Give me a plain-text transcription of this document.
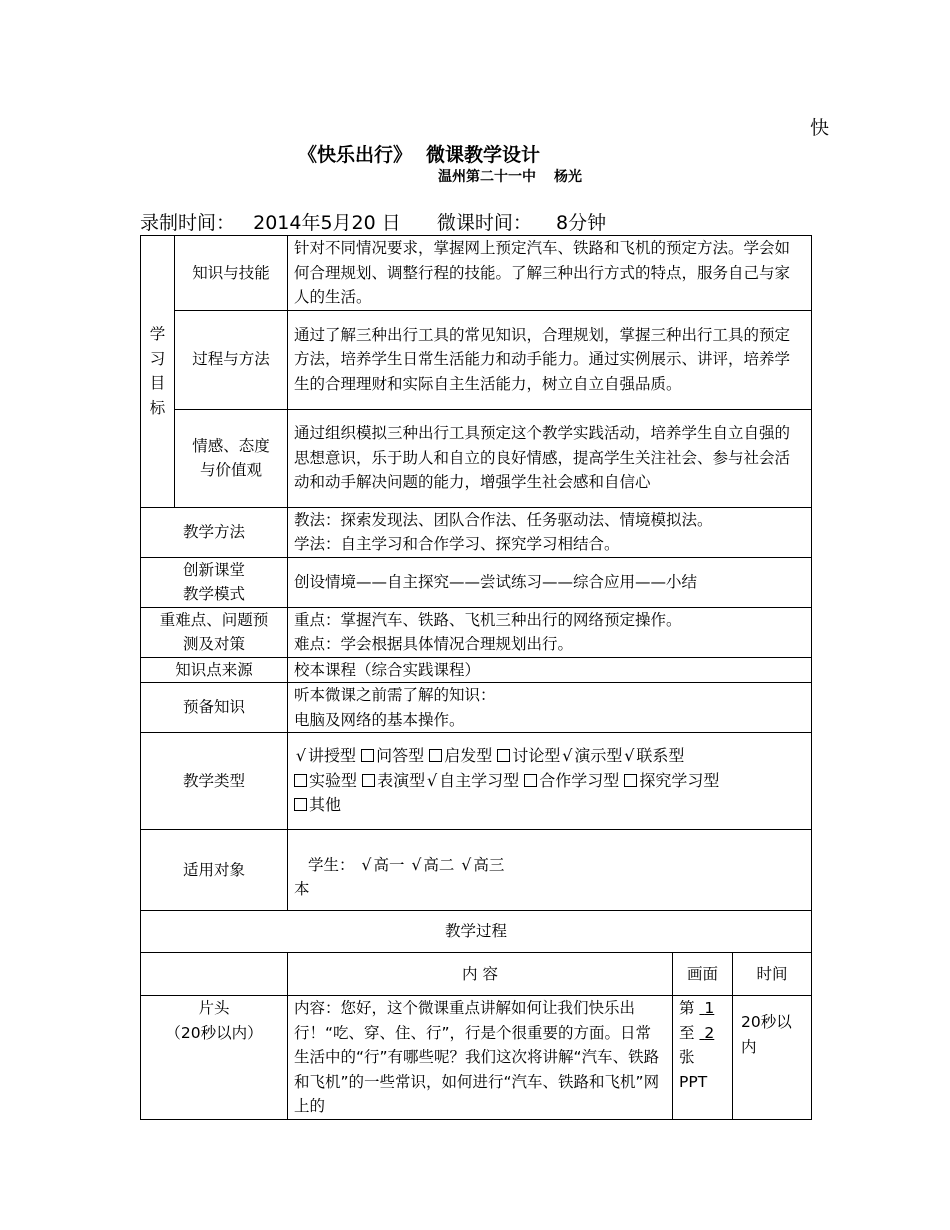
快
《快乐出行》 微课教学设计
温州第二十一中 杨光
录制时间： 2014年5月20 日 微课时间： 8分钟
学
习
目
标	知识与技能	针对不同情况要求，掌握网上预定汽车、铁路和飞机的预定方法。学会如何合理规划、调整行程的技能。了解三种出行方式的特点，服务自己与家人的生活。		
	过程与方法	通过了解三种出行工具的常见知识，合理规划，掌握三种出行工具的预定方法，培养学生日常生活能力和动手能力。通过实例展示、讲评，培养学生的合理理财和实际自主生活能力，树立自立自强品质。		
	情感、态度
与价值观	通过组织模拟三种出行工具预定这个教学实践活动，培养学生自立自强的思想意识，乐于助人和自立的良好情感，提高学生关注社会、参与社会活动和动手解决问题的能力，增强学生社会感和自信心		
教学方法		教法：探索发现法、团队合作法、任务驱动法、情境模拟法。
学法：自主学习和合作学习、探究学习相结合。		
创新课堂
教学模式		创设情境——自主探究——尝试练习——综合应用——小结		
重难点、问题预
测及对策		重点：掌握汽车、铁路、飞机三种出行的网络预定操作。
难点：学会根据具体情况合理规划出行。		
知识点来源		校本课程（综合实践课程）		
预备知识		听本微课之前需了解的知识：
电脑及网络的基本操作。		
教学类型		√ 讲授型 问答型 启发型 讨论型 √ 演示型 √ 联系型
实验型 表演型 √ 自主学习型 合作学习型 探究学习型
其他		
适用对象		学生： √ 高一 √ 高二 √ 高三
本		
教学过程				
		内 容	画面	时间
片头
（20秒以内）		内容：您好，这个微课重点讲解如何让我们快乐出行！“吃、穿、住、行”，行是个很重要的方面。日常生活中的“行”有哪些呢？我们这次将讲解“汽车、铁路和飞机”的一些常识，如何进行“汽车、铁路和飞机”网上的	第 1
至 2
张
PPT	20秒以内
